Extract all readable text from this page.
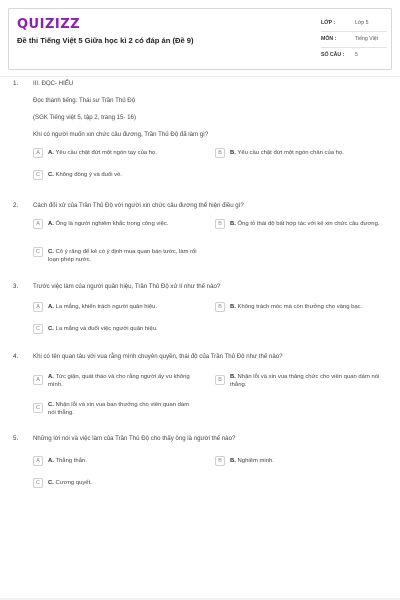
QUIZIZZ
Đề thi Tiếng Việt 5 Giữa học kì 2 có đáp án (Đề 9)
LỚP :	Lớp 5
MÔN :	Tiếng Việt
SỐ CÂU : 5
1. III. ĐỌC- HIỂU
Đọc thành tiếng: Thái sư Trần Thủ Độ
(SGK Tiếng việt 5, tập 2, trang 15- 16)
Khi có người muốn xin chức câu đương, Trần Thủ Độ đã làm gì?
A	A. Yêu cầu chặt đứt một ngón tay của họ.	B	B. Yêu cầu chặt đứt một ngón chân của họ.
C	C. Không đồng ý và đuổi về.
2. Cách đối xử của Trần Thủ Độ với người xin chức câu đương thể hiện điều gì?
A	A. Ông là người nghiêm khắc trong công việc.	B	B. Ông tỏ thái độ bất hợp tác với kẻ xin chức câu đương.
C	C. Cô ý răng để kẻ có ý định mua quan bán tước, làm rối loạn phép nước.
3. Trước việc làm của người quân hiệu, Trần Thủ Độ xử lí như thế nào?
A	A. La mắng, khiển trách người quân hiệu.	B	B. Không trách móc mà còn thưởng cho vàng bạc.
C	C. La mắng và đuổi việc người quân hiệu.
4. Khi có tên quan tâu với vua rằng mình chuyên quyền, thái độ của Trần Thủ Độ như thế nào?
A	A. Tức giận, quát tháo và cho rằng người ấy vu không mình.
B	B. Nhận lỗi và xin vua thăng chức cho viên quan dám nói thẳng.
C	C. Nhận lỗi và xin vua ban thưởng cho viên quan dám nói thẳng.
5. Những lời nói và việc làm của Trần Thủ Độ cho thấy ông là người thế nào?
A	A. Thẳng thắn.	B	B. Nghiêm minh.
C	C. Cương quyết.
